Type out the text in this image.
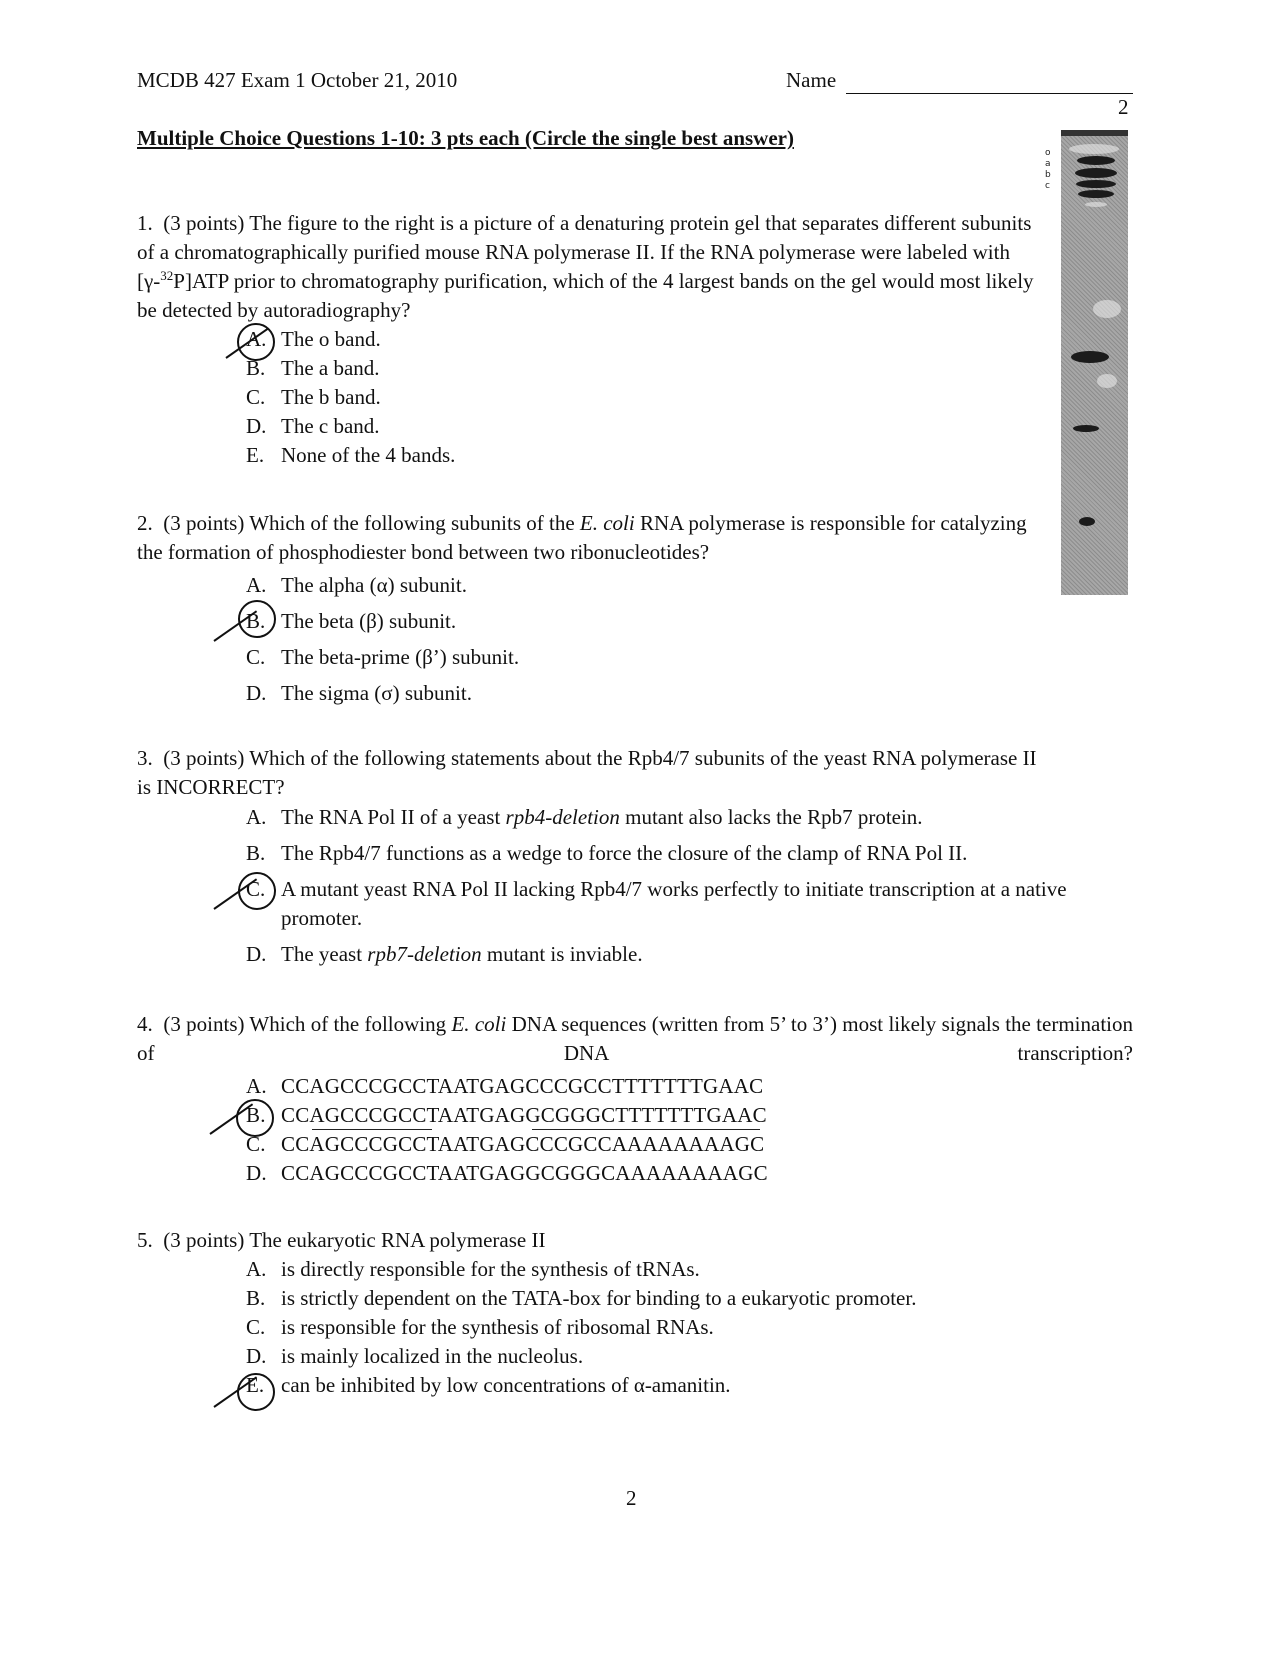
MCDB 427 Exam 1 October 21, 2010	Name
2
Multiple Choice Questions 1-10: 3 pts each (Circle the single best answer)
o
a
b
c

1. (3 points) The figure to the right is a picture of a denaturing protein gel that separates different subunits of a chromatographically purified mouse RNA polymerase II. If the RNA polymerase were labeled with [γ-$^{32}$P]ATP prior to chromatography purification, which of the 4 largest bands on the gel would most likely be detected by autoradiography?

A. The o band.
B. The a band.
C. The b band.
D. The c band.
E. None of the 4 bands.

2. (3 points) Which of the following subunits of the E. coli RNA polymerase is responsible for catalyzing the formation of phosphodiester bond between two ribonucleotides?

A. The alpha (α) subunit.
B. The beta (β) subunit.
C. The beta-prime (β’) subunit.
D. The sigma (σ) subunit.

3. (3 points) Which of the following statements about the Rpb4/7 subunits of the yeast RNA polymerase II is INCORRECT?

A. The RNA Pol II of a yeast rpb4-deletion mutant also lacks the Rpb7 protein.
B. The Rpb4/7 functions as a wedge to force the closure of the clamp of RNA Pol II.
C. A mutant yeast RNA Pol II lacking Rpb4/7 works perfectly to initiate transcription at a native promoter.
D. The yeast rpb7-deletion mutant is inviable.

4. (3 points) Which of the following E. coli DNA sequences (written from 5’ to 3’) most likely signals the termination of DNA transcription?

A. CCAGCCCGCCTAATGAGCCCGCCTTTTTTTGAAC
B. CCAGCCCGCCTAATGAGGCGGGCTTTTTTTGAAC
C. CCAGCCCGCCTAATGAGCCCGCCAAAAAAAAGC
D. CCAGCCCGCCTAATGAGGCGGGCAAAAAAAAGC

5. (3 points) The eukaryotic RNA polymerase II

A. is directly responsible for the synthesis of tRNAs.
B. is strictly dependent on the TATA-box for binding to a eukaryotic promoter.
C. is responsible for the synthesis of ribosomal RNAs.
D. is mainly localized in the nucleolus.
E. can be inhibited by low concentrations of α-amanitin.
2
